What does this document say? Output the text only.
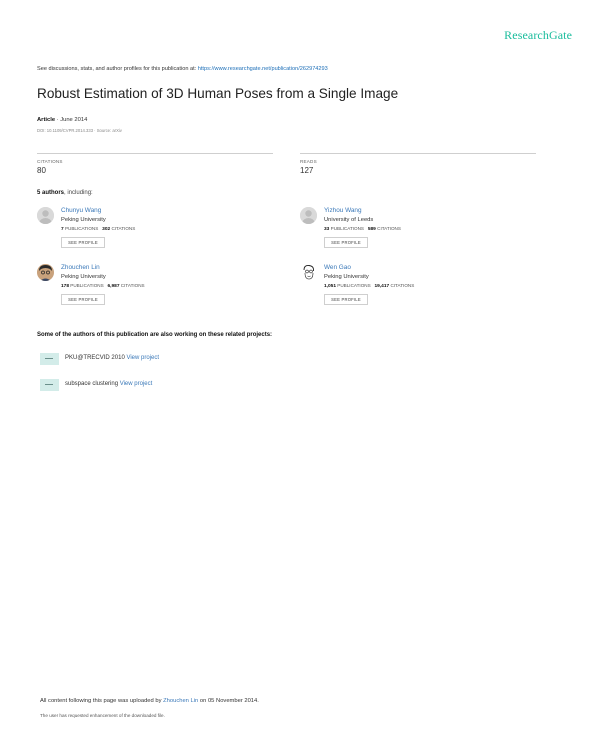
ResearchGate
See discussions, stats, and author profiles for this publication at: https://www.researchgate.net/publication/262974293
Robust Estimation of 3D Human Poses from a Single Image
Article · June 2014
DOI: 10.1109/CVPR.2014.333 · Source: arXiv
CITATIONS
80
READS
127
5 authors, including:
Chunyu Wang
Peking University
7 PUBLICATIONS 302 CITATIONS
SEE PROFILE
Yizhou Wang
University of Leeds
33 PUBLICATIONS 589 CITATIONS
SEE PROFILE
Zhouchen Lin
Peking University
178 PUBLICATIONS 6,987 CITATIONS
SEE PROFILE
Wen Gao
Peking University
1,051 PUBLICATIONS 19,417 CITATIONS
SEE PROFILE
Some of the authors of this publication are also working on these related projects:
PKU@TRECVID 2010 View project
subspace clustering View project
All content following this page was uploaded by Zhouchen Lin on 05 November 2014.
The user has requested enhancement of the downloaded file.
